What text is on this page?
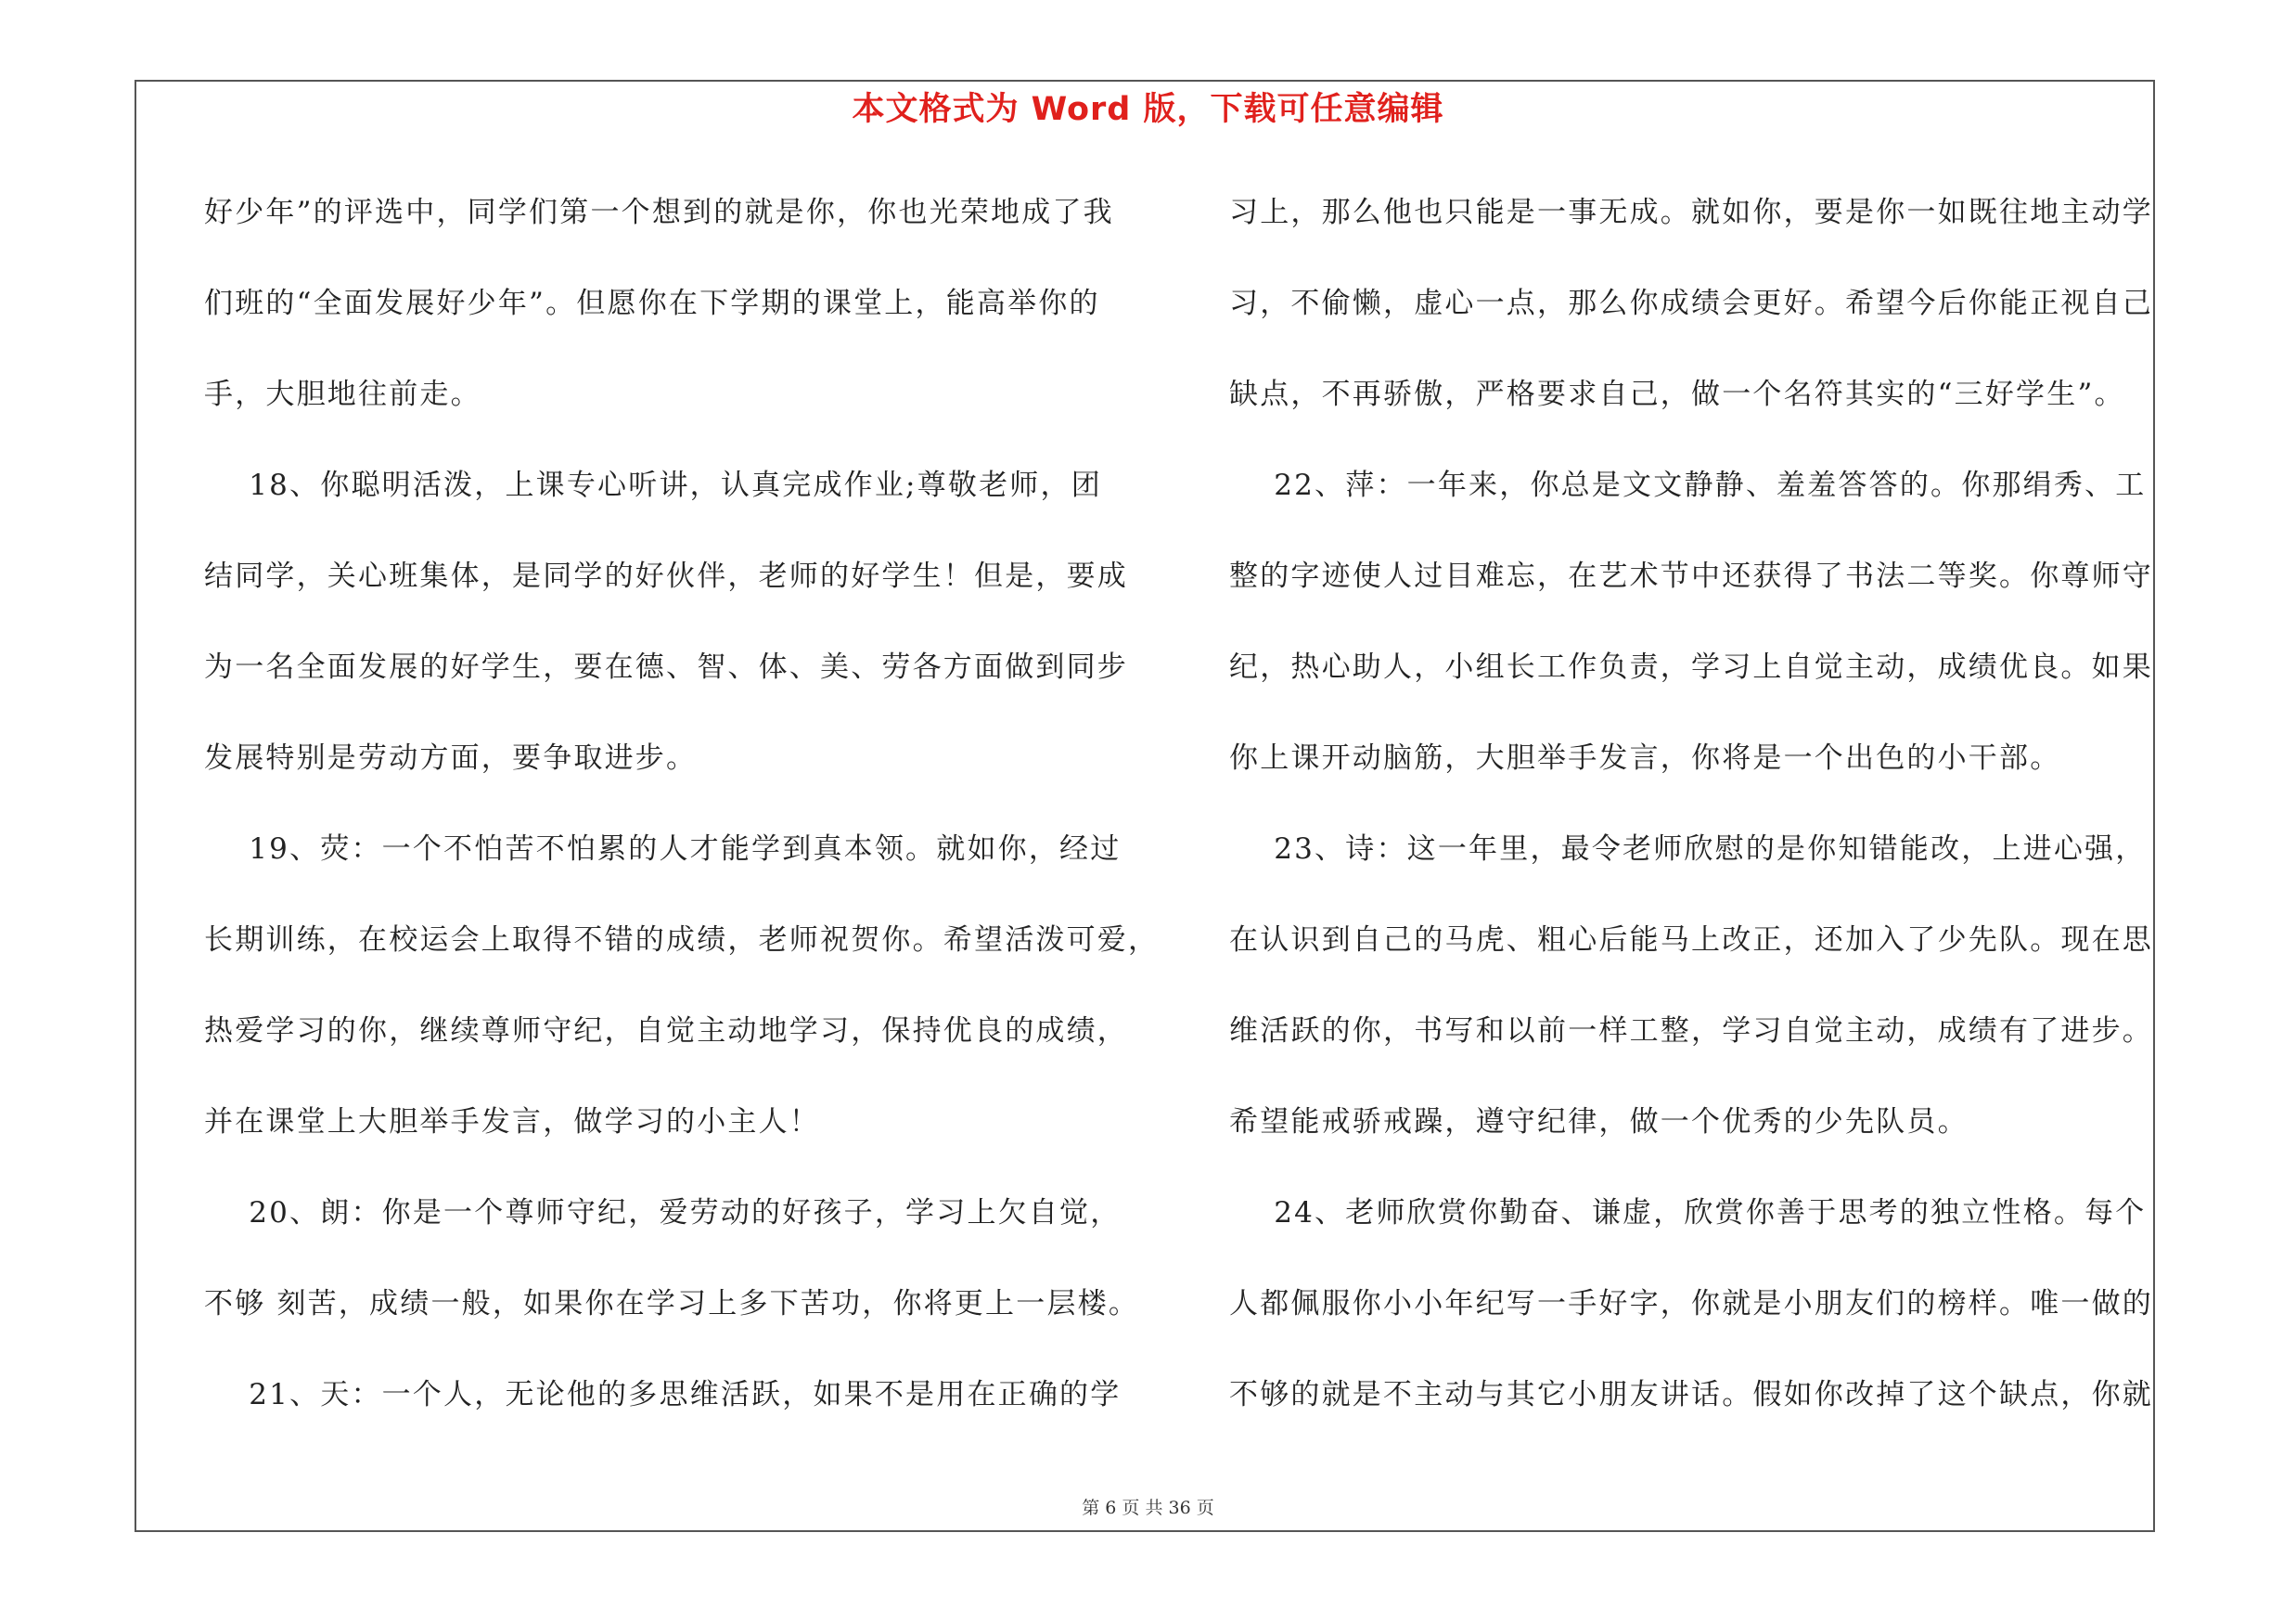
本文格式为 Word 版，下载可任意编辑
好少年”的评选中，同学们第一个想到的就是你，你也光荣地成了我
们班的“全面发展好少年”。但愿你在下学期的课堂上，能高举你的
手，大胆地往前走。
18、你聪明活泼，上课专心听讲，认真完成作业;尊敬老师，团
结同学，关心班集体，是同学的好伙伴，老师的好学生！但是，要成
为一名全面发展的好学生，要在德、智、体、美、劳各方面做到同步
发展特别是劳动方面，要争取进步。
19、荧：一个不怕苦不怕累的人才能学到真本领。就如你，经过
长期训练，在校运会上取得不错的成绩，老师祝贺你。希望活泼可爱，
热爱学习的你，继续尊师守纪，自觉主动地学习，保持优良的成绩，
并在课堂上大胆举手发言，做学习的小主人！
20、朗：你是一个尊师守纪，爱劳动的好孩子，学习上欠自觉，
不够 刻苦，成绩一般，如果你在学习上多下苦功，你将更上一层楼。
21、天：一个人，无论他的多思维活跃，如果不是用在正确的学
习上，那么他也只能是一事无成。就如你，要是你一如既往地主动学
习，不偷懒，虚心一点，那么你成绩会更好。希望今后你能正视自己
缺点，不再骄傲，严格要求自己，做一个名符其实的“三好学生”。
22、萍：一年来，你总是文文静静、羞羞答答的。你那绢秀、工
整的字迹使人过目难忘，在艺术节中还获得了书法二等奖。你尊师守
纪，热心助人，小组长工作负责，学习上自觉主动，成绩优良。如果
你上课开动脑筋，大胆举手发言，你将是一个出色的小干部。
23、诗：这一年里，最令老师欣慰的是你知错能改，上进心强，
在认识到自己的马虎、粗心后能马上改正，还加入了少先队。现在思
维活跃的你，书写和以前一样工整，学习自觉主动，成绩有了进步。
希望能戒骄戒躁，遵守纪律，做一个优秀的少先队员。
24、老师欣赏你勤奋、谦虚，欣赏你善于思考的独立性格。每个
人都佩服你小小年纪写一手好字，你就是小朋友们的榜样。唯一做的
不够的就是不主动与其它小朋友讲话。假如你改掉了这个缺点，你就
第 6 页 共 36 页
